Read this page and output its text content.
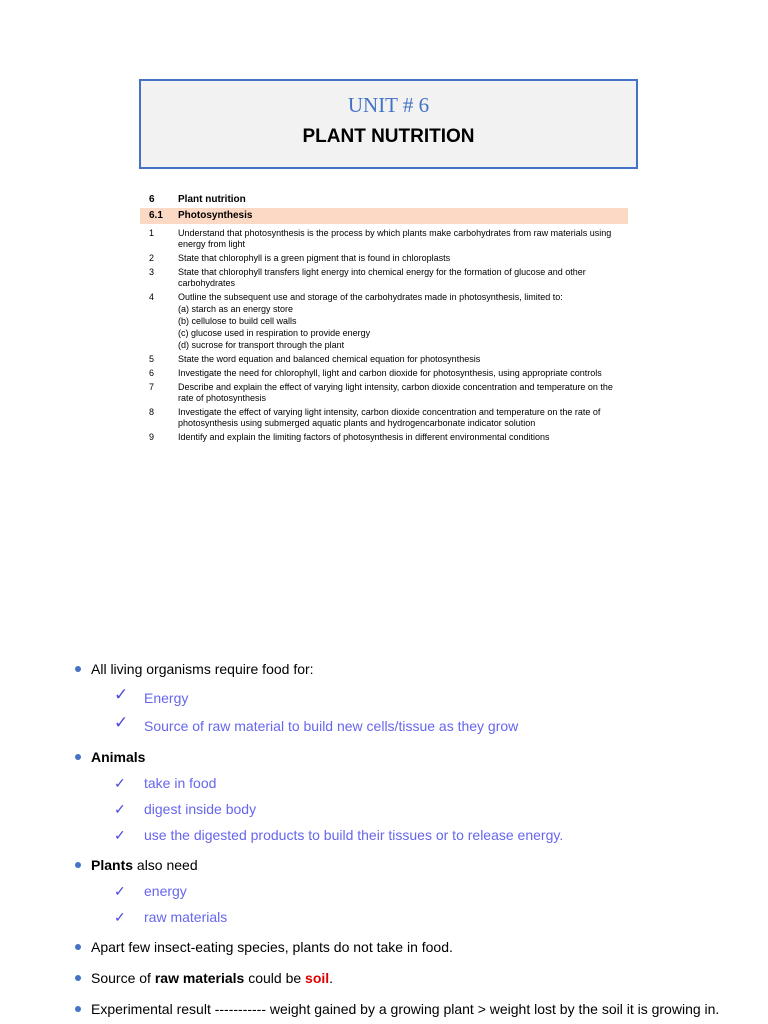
UNIT # 6
PLANT NUTRITION
6	Plant nutrition
6.1	Photosynthesis
1	Understand that photosynthesis is the process by which plants make carbohydrates from raw materials using energy from light
2	State that chlorophyll is a green pigment that is found in chloroplasts
3	State that chlorophyll transfers light energy into chemical energy for the formation of glucose and other carbohydrates
4	Outline the subsequent use and storage of the carbohydrates made in photosynthesis, limited to:
(a) starch as an energy store
(b) cellulose to build cell walls
(c) glucose used in respiration to provide energy
(d) sucrose for transport through the plant
5	State the word equation and balanced chemical equation for photosynthesis
6	Investigate the need for chlorophyll, light and carbon dioxide for photosynthesis, using appropriate controls
7	Describe and explain the effect of varying light intensity, carbon dioxide concentration and temperature on the rate of photosynthesis
8	Investigate the effect of varying light intensity, carbon dioxide concentration and temperature on the rate of photosynthesis using submerged aquatic plants and hydrogencarbonate indicator solution
9	Identify and explain the limiting factors of photosynthesis in different environmental conditions
All living organisms require food for:
✓ Energy
✓ Source of raw material to build new cells/tissue as they grow
Animals
✓ take in food
✓ digest inside body
✓ use the digested products to build their tissues or to release energy.
Plants also need
✓ energy
✓ raw materials
Apart few insect-eating species, plants do not take in food.
Source of raw materials could be soil.
Experimental result ----------- weight gained by a growing plant > weight lost by the soil it is growing in.
